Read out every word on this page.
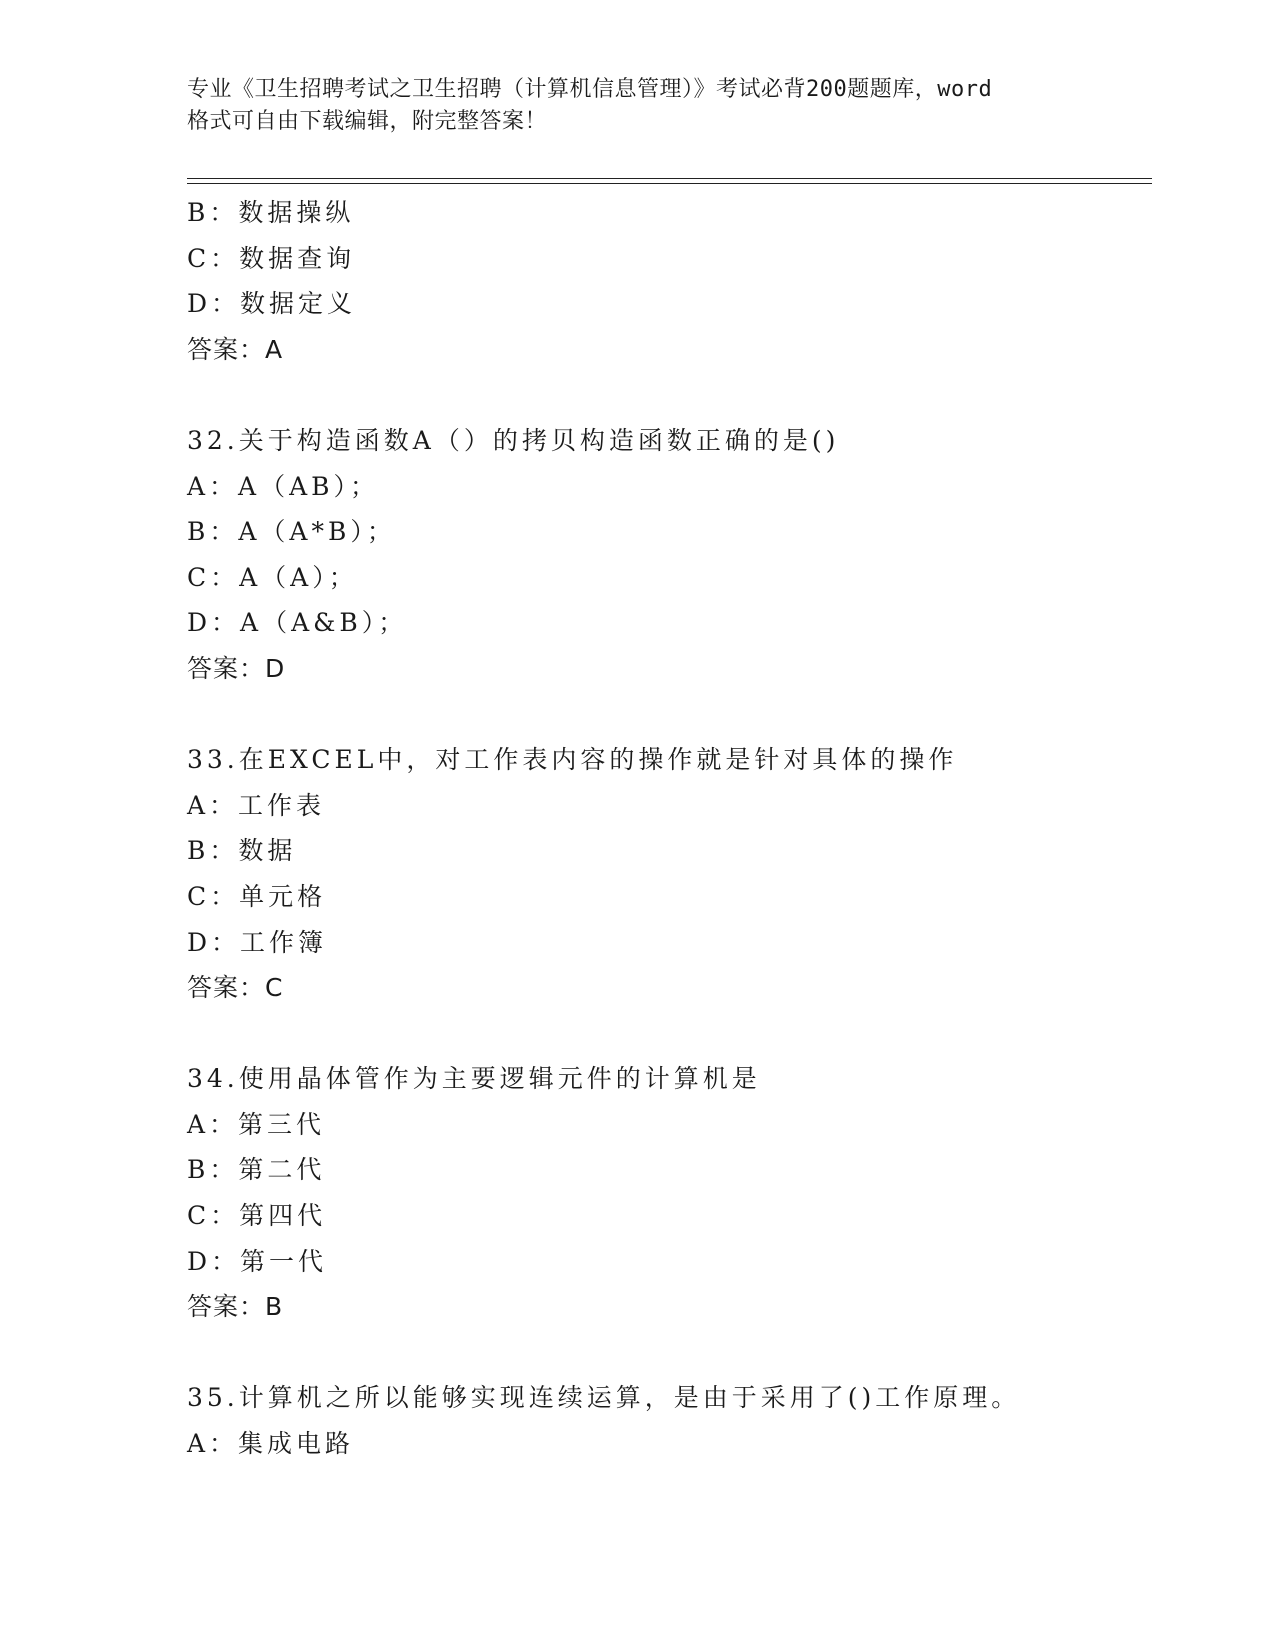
专业《卫生招聘考试之卫生招聘（计算机信息管理）》考试必背200题题库，word
格式可自由下载编辑，附完整答案！
B：数据操纵
C：数据查询
D：数据定义
答案：A
32.关于构造函数A（）的拷贝构造函数正确的是()
A：A（AB）；
B：A（A*B）；
C：A（A）；
D：A（A&B）；
答案：D
33.在EXCEL中，对工作表内容的操作就是针对具体的操作
A：工作表
B：数据
C：单元格
D：工作簿
答案：C
34.使用晶体管作为主要逻辑元件的计算机是
A：第三代
B：第二代
C：第四代
D：第一代
答案：B
35.计算机之所以能够实现连续运算，是由于采用了()工作原理。
A：集成电路
